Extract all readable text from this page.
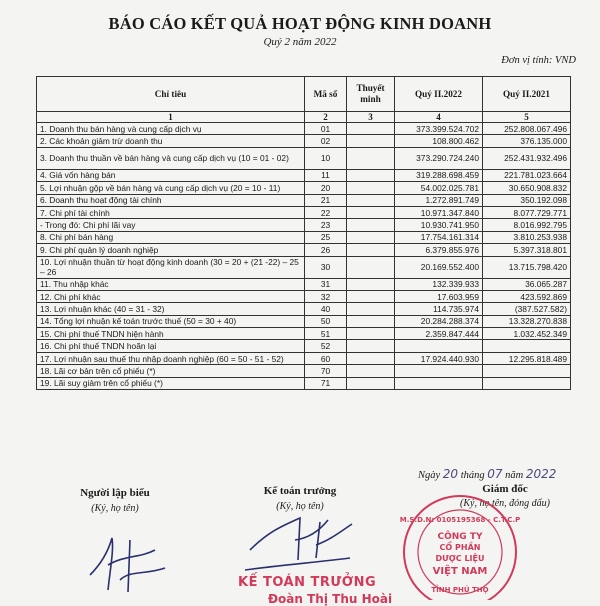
BÁO CÁO KẾT QUẢ HOẠT ĐỘNG KINH DOANH
Quý 2 năm 2022
Đơn vị tính: VND
Chỉ tiêu	Mã số	Thuyết minh	Quý II.2022	Quý II.2021
1	2	3	4	5
1. Doanh thu bán hàng và cung cấp dịch vụ	01		373.399.524.702	252.808.067.496
2. Các khoản giảm trừ doanh thu	02		108.800.462	376.135.000
3. Doanh thu thuần về bán hàng và cung cấp dịch vụ (10 = 01 - 02)	10		373.290.724.240	252.431.932.496
4. Giá vốn hàng bán	11		319.288.698.459	221.781.023.664
5. Lợi nhuận gộp về bán hàng và cung cấp dịch vụ (20 = 10 - 11)	20		54.002.025.781	30.650.908.832
6. Doanh thu hoạt động tài chính	21		1.272.891.749	350.192.098
7. Chi phí tài chính	22		10.971.347.840	8.077.729.771
- Trong đó: Chi phí lãi vay	23		10.930.741.950	8.016.992.795
8. Chi phí bán hàng	25		17.754.161.314	3.810.253.938
9. Chi phí quản lý doanh nghiệp	26		6.379.855.976	5.397.318.801
10. Lợi nhuận thuần từ hoạt động kinh doanh (30 = 20 + (21 -22) – 25 – 26	30		20.169.552.400	13.715.798.420
11. Thu nhập khác	31		132.339.933	36.065.287
12. Chi phí khác	32		17.603.959	423.592.869
13. Lợi nhuận khác (40 = 31 - 32)	40		114.735.974	(387.527.582)
14. Tổng lợi nhuận kế toán trước thuế (50 = 30 + 40)	50		20.284.288.374	13.328.270.838
15. Chi phí thuế TNDN hiện hành	51		2.359.847.444	1.032.452.349
16. Chi phí thuế TNDN hoãn lại	52			
17. Lợi nhuận sau thuế thu nhập doanh nghiệp (60 = 50 - 51 - 52)	60		17.924.440.930	12.295.818.489
18. Lãi cơ bản trên cổ phiếu (*)	70			
19. Lãi suy giảm trên cổ phiếu (*)	71			
Ngày 20 tháng 07 năm 2022
Người lập biểu
(Ký, họ tên)
Kế toán trưởng
(Ký, họ tên)
KẾ TOÁN TRƯỞNG
Đoàn Thị Thu Hoài
Giám đốc
(Ký, họ tên, đóng dấu)
M.S.D.N: 0105195368 - C.T.C.P
CÔNG TY
CỔ PHẦN
DƯỢC LIỆU
VIỆT NAM
TỈNH PHÚ THỌ
